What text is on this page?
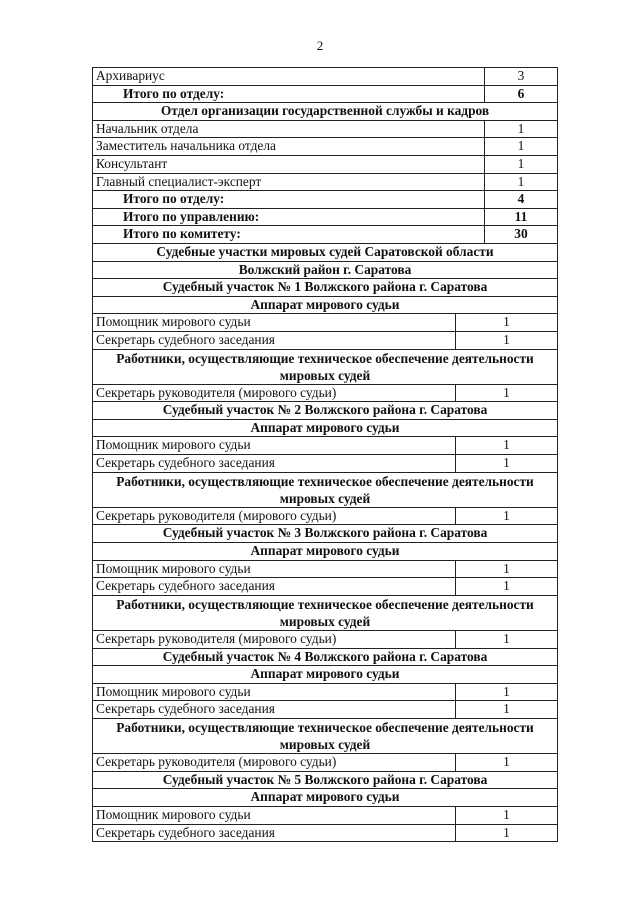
2
Архивариус	3
Итого по отделу:	6
Отдел организации государственной службы и кадров
Начальник отдела	1
Заместитель начальника отдела	1
Консультант	1
Главный специалист-эксперт	1
Итого по отделу:	4
Итого по управлению:	11
Итого по комитету:	30
Судебные участки мировых судей Саратовской области
Волжский район г. Саратова
Судебный участок № 1 Волжского района г. Саратова
Аппарат мирового судьи
Помощник мирового судьи	1
Секретарь судебного заседания	1
Работники, осуществляющие техническое обеспечение деятельности мировых судей
Секретарь руководителя (мирового судьи)	1
Судебный участок № 2 Волжского района г. Саратова
Аппарат мирового судьи
Помощник мирового судьи	1
Секретарь судебного заседания	1
Работники, осуществляющие техническое обеспечение деятельности мировых судей
Секретарь руководителя (мирового судьи)	1
Судебный участок № 3 Волжского района г. Саратова
Аппарат мирового судьи
Помощник мирового судьи	1
Секретарь судебного заседания	1
Работники, осуществляющие техническое обеспечение деятельности мировых судей
Секретарь руководителя (мирового судьи)	1
Судебный участок № 4 Волжского района г. Саратова
Аппарат мирового судьи
Помощник мирового судьи	1
Секретарь судебного заседания	1
Работники, осуществляющие техническое обеспечение деятельности мировых судей
Секретарь руководителя (мирового судьи)	1
Судебный участок № 5 Волжского района г. Саратова
Аппарат мирового судьи
Помощник мирового судьи	1
Секретарь судебного заседания	1
